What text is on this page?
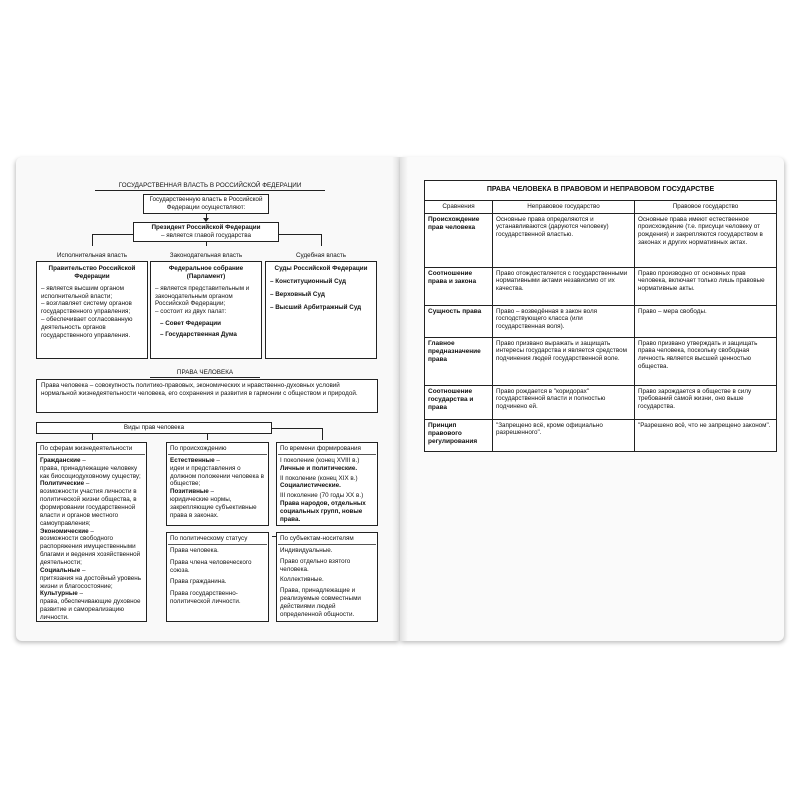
ГОСУДАРСТВЕННАЯ ВЛАСТЬ В РОССИЙСКОЙ ФЕДЕРАЦИИ
Государственную власть в Российской Федерации осуществляют:
Президент Российской Федерации
– является главой государства
Исполнительная власть	Законодательная власть	Судебная власть
Правительство Российской Федерации
– является высшим органом исполнительной власти;
– возглавляет систему органов государственного управления;
– обеспечивает согласованную деятельность органов государственного управления.
Федеральное собрание (Парламент)
– является представительным и законодательным органом Российской Федерации;
– состоит из двух палат:
– Совет Федерации
– Государственная Дума
Суды Российской Федерации
– Конституционный Суд
– Верховный Суд
– Высший Арбитражный Суд
ПРАВА ЧЕЛОВЕКА
Права человека – совокупность политико-правовых, экономических и нравственно-духовных условий нормальной жизнедеятельности человека, его сохранения и развития в гармонии с обществом и природой.
Виды прав человека
По сферам жизнедеятельности
Гражданские –
права, принадлежащие человеку как биосоциодуховному существу;
Политические –
возможности участия личности в политической жизни общества, в формировании государственной власти и органов местного самоуправления;
Экономические –
возможности свободного распоряжения имущественными благами и ведения хозяйственной деятельности;
Социальные –
притязания на достойный уровень жизни и благосостояние;
Культурные –
права, обеспечивающие духовное развитие и самореализацию личности.
По происхождению
Естественные –
идеи и представления о должном положении человека в обществе;
Позитивные –
юридические нормы, закрепляющие субъективные права в законах.
По времени формирования
I поколение (конец XVIII в.)
Личные и политические.
II поколение (конец XIX в.)
Социалистические.
III поколение (70 годы XX в.)
Права народов, отдельных социальных групп, новые права.
По политическому статусу
Права человека.
Права члена человеческого союза.
Права гражданина.
Права государственно-политической личности.
По субъектам-носителям
Индивидуальные.
Право отдельно взятого человека.
Коллективные.
Права, принадлежащие и реализуемые совместными действиями людей определенной общности.
ПРАВА ЧЕЛОВЕКА В ПРАВОВОМ И НЕПРАВОВОМ ГОСУДАРСТВЕ		
Сравнения	Неправовое государство	Правовое государство
Происхождение прав человека	Основные права определяются и устанавливаются (даруются человеку) государственной властью.	Основные права имеют естественное происхождение (т.е. присущи человеку от рождения) и закрепляются государством в законах и других нормативных актах.
Соотношение права и закона	Право отождествляется с государственными нормативными актами независимо от их качества.	Право производно от основных прав человека, включает только лишь правовые нормативные акты.
Сущность права	Право – возведённая в закон воля господствующего класса (или государственная воля).	Право – мера свободы.
Главное предназначение права	Право призвано выражать и защищать интересы государства и является средством подчинения людей государственной воле.	Право призвано утверждать и защищать права человека, поскольку свободная личность является высшей ценностью общества.
Соотношение государства и права	Право рождается в "коридорах" государственной власти и полностью подчинено ей.	Право зарождается в обществе в силу требований самой жизни, оно выше государства.
Принцип правового регулирования	"Запрещено всё, кроме официально разрешенного".	"Разрешено всё, что не запрещено законом".
